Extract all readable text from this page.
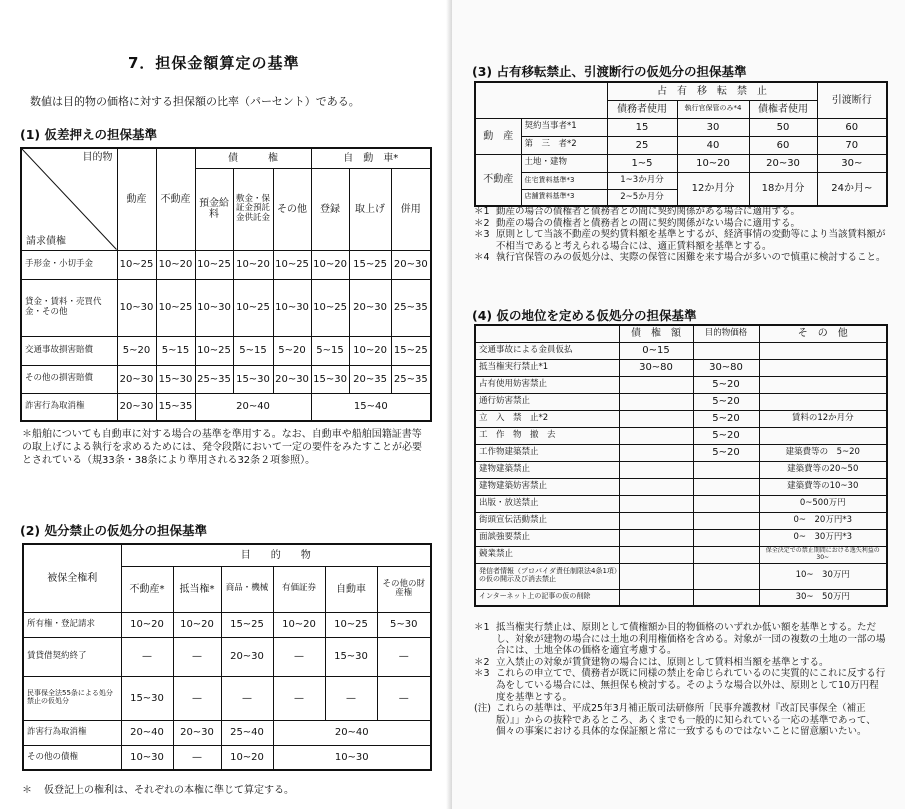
7．担保金額算定の基準
数値は目的物の価格に対する担保額の比率（パーセント）である。
(1) 仮差押えの担保基準
目的物
請求債権	動産	不動産	債　　　権			自　動　車*		
			預金給料	敷金・保証金預託金供託金	その他	登録	取上げ	併用
手形金・小切手金	10~25	10~20	10~25	10~20	10~25	10~20	15~25	20~30
貸金・賃料・売買代金・その他	10~30	10~25	10~30	10~25	10~30	10~25	20~30	25~35
交通事故損害賠償	5~20	5~15	10~25	5~15	5~20	5~15	10~20	15~25
その他の損害賠償	20~30	15~30	25~35	15~30	20~30	15~30	20~35	25~35
詐害行為取消権	20~30	15~35	20~40			15~40		
＊船舶についても自動車に対する場合の基準を準用する。なお、自動車や船舶国籍証書等の取上げによる執行を求めるためには、発令段階において一定の要件をみたすことが必要とされている（規33条・38条により準用される32条２項参照）。
(2) 処分禁止の仮処分の担保基準
被保全権利	目　　的　　物					
	不動産*	抵当権*	商品・機械	有価証券	自動車	その他の財産権
所有権・登記請求	10~20	10~20	15~25	10~20	10~25	5~30
賃貸借契約終了	—	—	20~30	—	15~30	—
民事保全法55条による処分禁止の仮処分	15~30	—	—	—	—	—
詐害行為取消権	20~40	20~30	25~40	20~40		
その他の債権	10~30	—	10~20	10~30		
＊	仮登記上の権利は、それぞれの本権に準じて算定する。
(3) 占有移転禁止、引渡断行の仮処分の担保基準
		占　有　移　転　禁　止			引渡断行
		債務者使用	執行官保管のみ*4	債権者使用	
動　産	契約当事者*1	15	30	50	60
	第　三　者*2	25	40	60	70
不動産	土地・建物	1~5	10~20	20~30	30~
	住宅賃料基準*3	1~3か月分	12か月分	18か月分	24か月~
	店舗賃料基準*3	2~5か月分			
＊1 動産の場合の債権者と債務者との間に契約関係がある場合に適用する。
＊2 動産の場合の債権者と債務者との間に契約関係がない場合に適用する。
＊3 原則として当該不動産の契約賃料額を基準とするが、経済事情の変動等により当該賃料額が不相当であると考えられる場合には、適正賃料額を基準とする。
＊4 執行官保管のみの仮処分は、実際の保管に困難を来す場合が多いので慎重に検討すること。
(4) 仮の地位を定める仮処分の担保基準
	債　権　額	目的物価格	そ　の　他
交通事故による金員仮払	0~15		
抵当権実行禁止*1	30~80	30~80	
占有使用妨害禁止		5~20	
通行妨害禁止		5~20	
立　入　禁　止*2		5~20	賃料の12か月分
工　作　物　撤　去		5~20	
工作物建築禁止		5~20	建築費等の　5~20
建物建築禁止			建築費等の20~50
建物建築妨害禁止			建築費等の10~30
出版・放送禁止			0~500万円
街頭宣伝活動禁止			0~　20万円*3
面談強要禁止			0~　30万円*3
競業禁止			保全決定での禁止期間における逸失利益の30~
発信者情報（プロバイダ責任制限法4条1項）の仮の開示及び消去禁止			10~　30万円
インターネット上の記事の仮の削除			30~　50万円
＊1 抵当権実行禁止は、原則として債権額か目的物価格のいずれか低い額を基準とする。ただし、対象が建物の場合には土地の利用権価格を含める。対象が一団の複数の土地の一部の場合には、土地全体の価格を適宜考慮する。
＊2 立入禁止の対象が賃貸建物の場合には、原則として賃料相当額を基準とする。
＊3 これらの申立てで、債務者が既に同様の禁止を命じられているのに実質的にこれに反する行為をしている場合には、無担保も検討する。そのような場合以外は、原則として10万円程度を基準とする。
(注) これらの基準は、平成25年3月補正版司法研修所「民事弁護教材『改訂民事保全（補正版）』」からの抜粋であるところ、あくまでも一般的に知られている一応の基準であって、個々の事案における具体的な保証額と常に一致するものではないことに留意願いたい。
